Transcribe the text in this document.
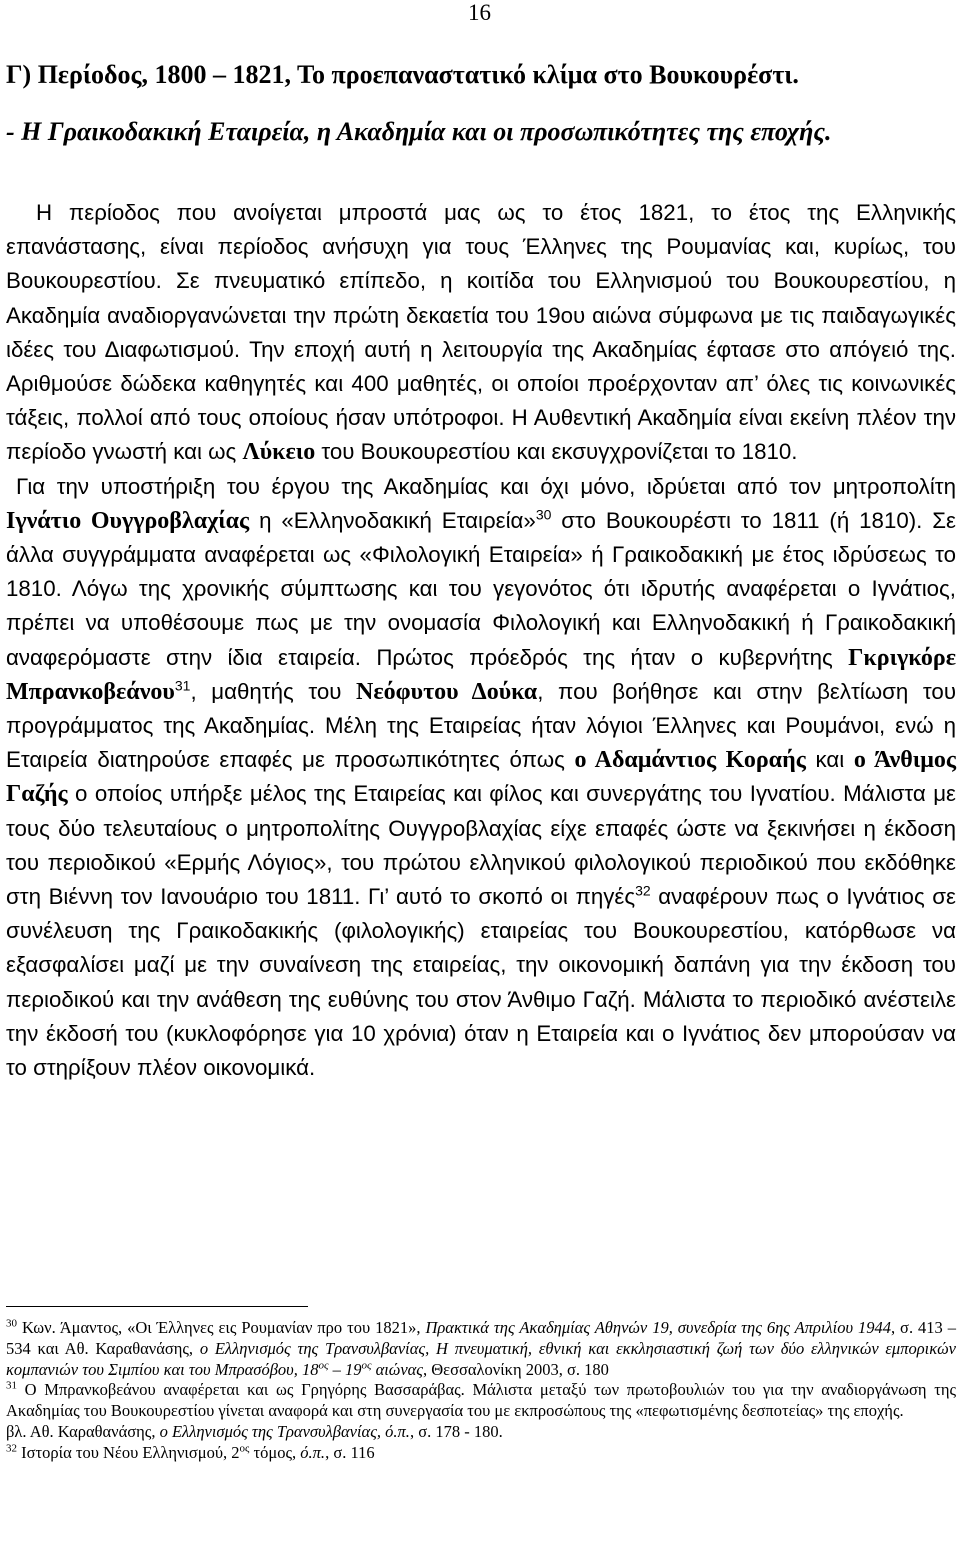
16
Γ) Περίοδος, 1800 – 1821, Το προεπαναστατικό κλίμα στο Βουκουρέστι.
- Η Γραικοδακική Εταιρεία, η Ακαδημία και οι προσωπικότητες της εποχής.

Η περίοδος που ανοίγεται μπροστά μας ως το έτος 1821, το έτος της Ελληνικής επανάστασης, είναι περίοδος ανήσυχη για τους Έλληνες της Ρουμανίας και, κυρίως, του Βουκουρεστίου. Σε πνευματικό επίπεδο, η κοιτίδα του Ελληνισμού του Βουκουρεστίου, η Ακαδημία αναδιοργανώνεται την πρώτη δεκαετία του 19ου αιώνα σύμφωνα με τις παιδαγωγικές ιδέες του Διαφωτισμού. Την εποχή αυτή η λειτουργία της Ακαδημίας έφτασε στο απόγειό της. Αριθμούσε δώδεκα καθηγητές και 400 μαθητές, οι οποίοι προέρχονταν απ’ όλες τις κοινωνικές τάξεις, πολλοί από τους οποίους ήσαν υπότροφοι. Η Αυθεντική Ακαδημία είναι εκείνη πλέον την περίοδο γνωστή και ως Λύκειο του Βουκουρεστίου και εκσυγχρονίζεται το 1810.

Για την υποστήριξη του έργου της Ακαδημίας και όχι μόνο, ιδρύεται από τον μητροπολίτη Ιγνάτιο Ουγγροβλαχίας η «Ελληνοδακική Εταιρεία»$^{30}$ στο Βουκουρέστι το 1811 (ή 1810). Σε άλλα συγγράμματα αναφέρεται ως «Φιλολογική Εταιρεία» ή Γραικοδακική με έτος ιδρύσεως το 1810. Λόγω της χρονικής σύμπτωσης και του γεγονότος ότι ιδρυτής αναφέρεται ο Ιγνάτιος, πρέπει να υποθέσουμε πως με την ονομασία Φιλολογική και Ελληνοδακική ή Γραικοδακική αναφερόμαστε στην ίδια εταιρεία. Πρώτος πρόεδρός της ήταν ο κυβερνήτης Γκριγκόρε Μπρανκοβεάνου$^{31}$, μαθητής του Νεόφυτου Δούκα, που βοήθησε και στην βελτίωση του προγράμματος της Ακαδημίας. Μέλη της Εταιρείας ήταν λόγιοι Έλληνες και Ρουμάνοι, ενώ η Εταιρεία διατηρούσε επαφές με προσωπικότητες όπως ο Αδαμάντιος Κοραής και ο Άνθιμος Γαζής ο οποίος υπήρξε μέλος της Εταιρείας και φίλος και συνεργάτης του Ιγνατίου. Μάλιστα με τους δύο τελευταίους ο μητροπολίτης Ουγγροβλαχίας είχε επαφές ώστε να ξεκινήσει η έκδοση του περιοδικού «Ερμής Λόγιος», του πρώτου ελληνικού φιλολογικού περιοδικού που εκδόθηκε στη Βιέννη τον Ιανουάριο του 1811. Γι’ αυτό το σκοπό οι πηγές$^{32}$ αναφέρουν πως ο Ιγνάτιος σε συνέλευση της Γραικοδακικής (φιλολογικής) εταιρείας του Βουκουρεστίου, κατόρθωσε να εξασφαλίσει μαζί με την συναίνεση της εταιρείας, την οικονομική δαπάνη για την έκδοση του περιοδικού και την ανάθεση της ευθύνης του στον Άνθιμο Γαζή. Μάλιστα το περιοδικό ανέστειλε την έκδοσή του (κυκλοφόρησε για 10 χρόνια) όταν η Εταιρεία και ο Ιγνάτιος δεν μπορούσαν να το στηρίξουν πλέον οικονομικά.

$^{30}$ Κων. Άμαντος, «Οι Έλληνες εις Ρουμανίαν προ του 1821», Πρακτικά της Ακαδημίας Αθηνών 19, συνεδρία της 6ης Απριλίου 1944, σ. 413 – 534 και Αθ. Καραθανάσης, ο Ελληνισμός της Τρανσυλβανίας, Η πνευματική, εθνική και εκκλησιαστική ζωή των δύο ελληνικών εμπορικών κομπανιών του Σιμπίου και του Μπρασόβου, $18^{o\varsigma} - 19^{o\varsigma}$ αιώνας, Θεσσαλονίκη 2003, σ. 180

$^{31}$ Ο Μπρανκοβεάνου αναφέρεται και ως Γρηγόρης Βασσαράβας. Μάλιστα μεταξύ των πρωτοβουλιών του για την αναδιοργάνωση της Ακαδημίας του Βουκουρεστίου γίνεται αναφορά και στη συνεργασία του με εκπροσώπους της «πεφωτισμένης δεσποτείας» της εποχής.

βλ. Αθ. Καραθανάσης, ο Ελληνισμός της Τρανσυλβανίας, ό.π., σ. 178 - 180.

$^{32}$ Ιστορία του Νέου Ελληνισμού, $2^{o\varsigma}$ τόμος, ό.π., σ. 116
